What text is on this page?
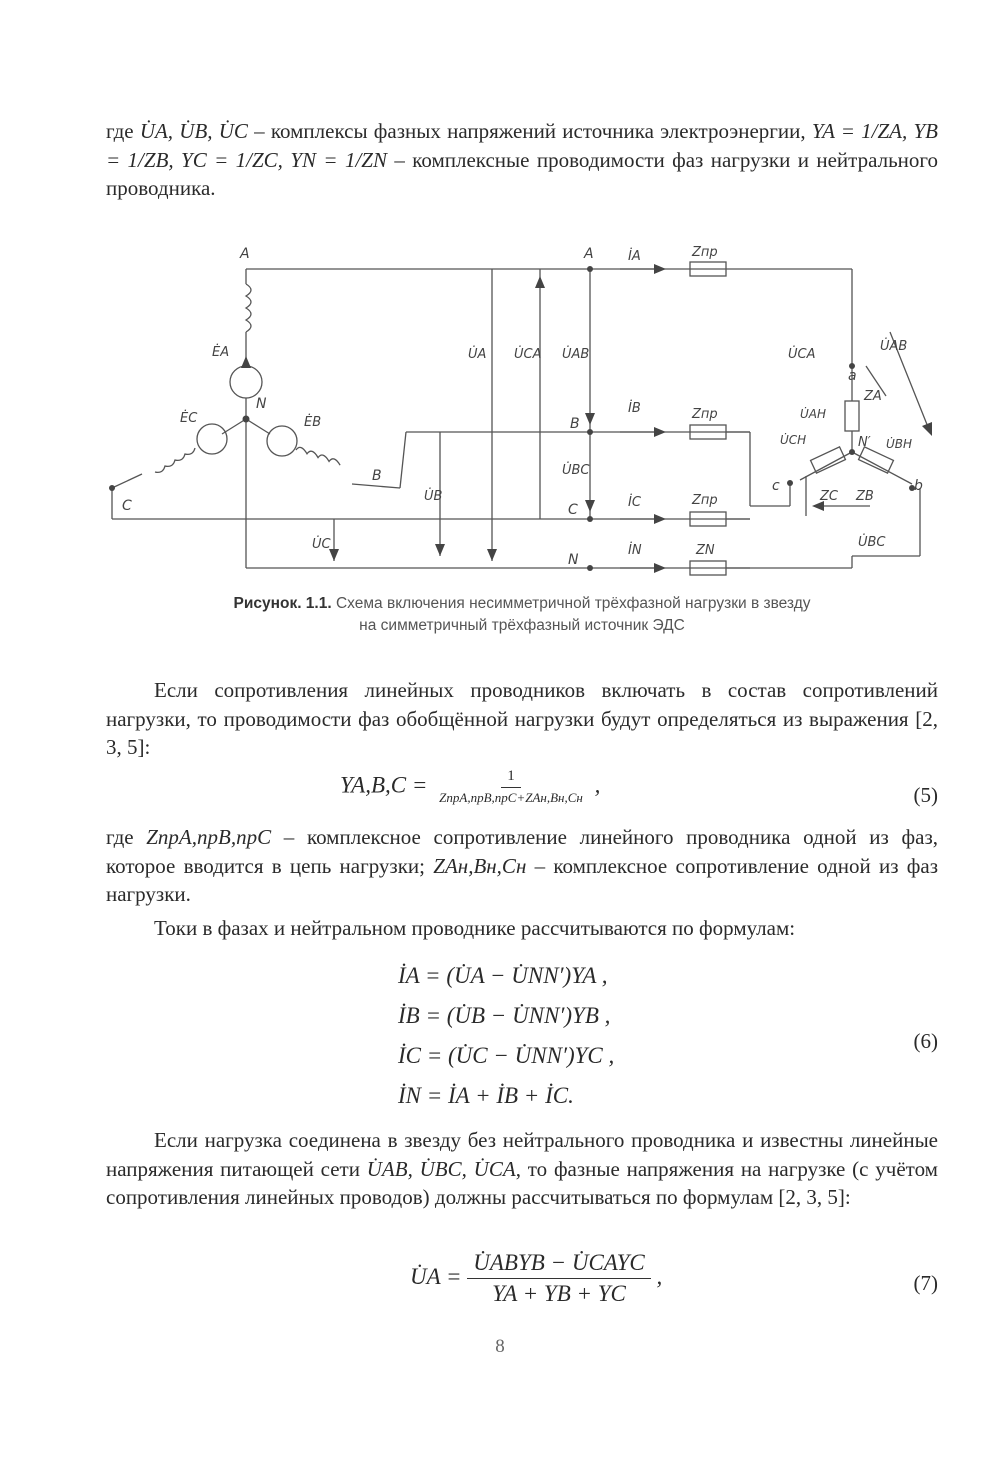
где U̇A, U̇B, U̇C – комплексы фазных напряжений источника электроэнергии, YA = 1/ZA, YB = 1/ZB, YC = 1/ZC, YN = 1/ZN – комплексные проводимости фаз нагрузки и нейтрального проводника.
A	A
B
B
C	C
N
N
a
b
c
N′
ĖA
ĖB
ĖC
İA
İB
İC
İN
U̇A
U̇B
U̇C
U̇CA U̇AB
U̇BC
U̇CA
U̇AB
U̇BC
U̇AН
U̇BН
U̇CН
Zпр
Zпр
Zпр
ZN
ZA
ZB
ZC
Рисунок. 1.1. Схема включения несимметричной трёхфазной нагрузки в звезду
на симметричный трёхфазный источник ЭДС
Если сопротивления линейных проводников включать в состав сопротивлений нагрузки, то проводимости фаз обобщённой нагрузки будут определяться из выражения [2, 3, 5]:
$YA,B,C = \frac{1}{\text{ZпрA,прB,прC+ZAн,Bн,Cн}}$ ,	(5)
где ZпрA,прB,прC – комплексное сопротивление линейного проводника одной из фаз, которое вводится в цепь нагрузки; ZAн,Bн,Cн – комплексное сопротивление одной из фаз нагрузки.
Токи в фазах и нейтральном проводнике рассчитываются по формулам:
İA = (U̇A − U̇NN′)YA ,
İB = (U̇B − U̇NN′)YB ,
İC = (U̇C − U̇NN′)YC ,
İN = İA + İB + İC.
(6)
Если нагрузка соединена в звезду без нейтрального проводника и известны линейные напряжения питающей сети U̇AB, U̇BC, U̇CA, то фазные напряжения на нагрузке (с учётом сопротивления линейных проводов) должны рассчитываться по формулам [2, 3, 5]:
U̇A = $\frac{\text{U̇ABYB − U̇CAYC}}{YA + YB + YC}$ ,	(7)
8
